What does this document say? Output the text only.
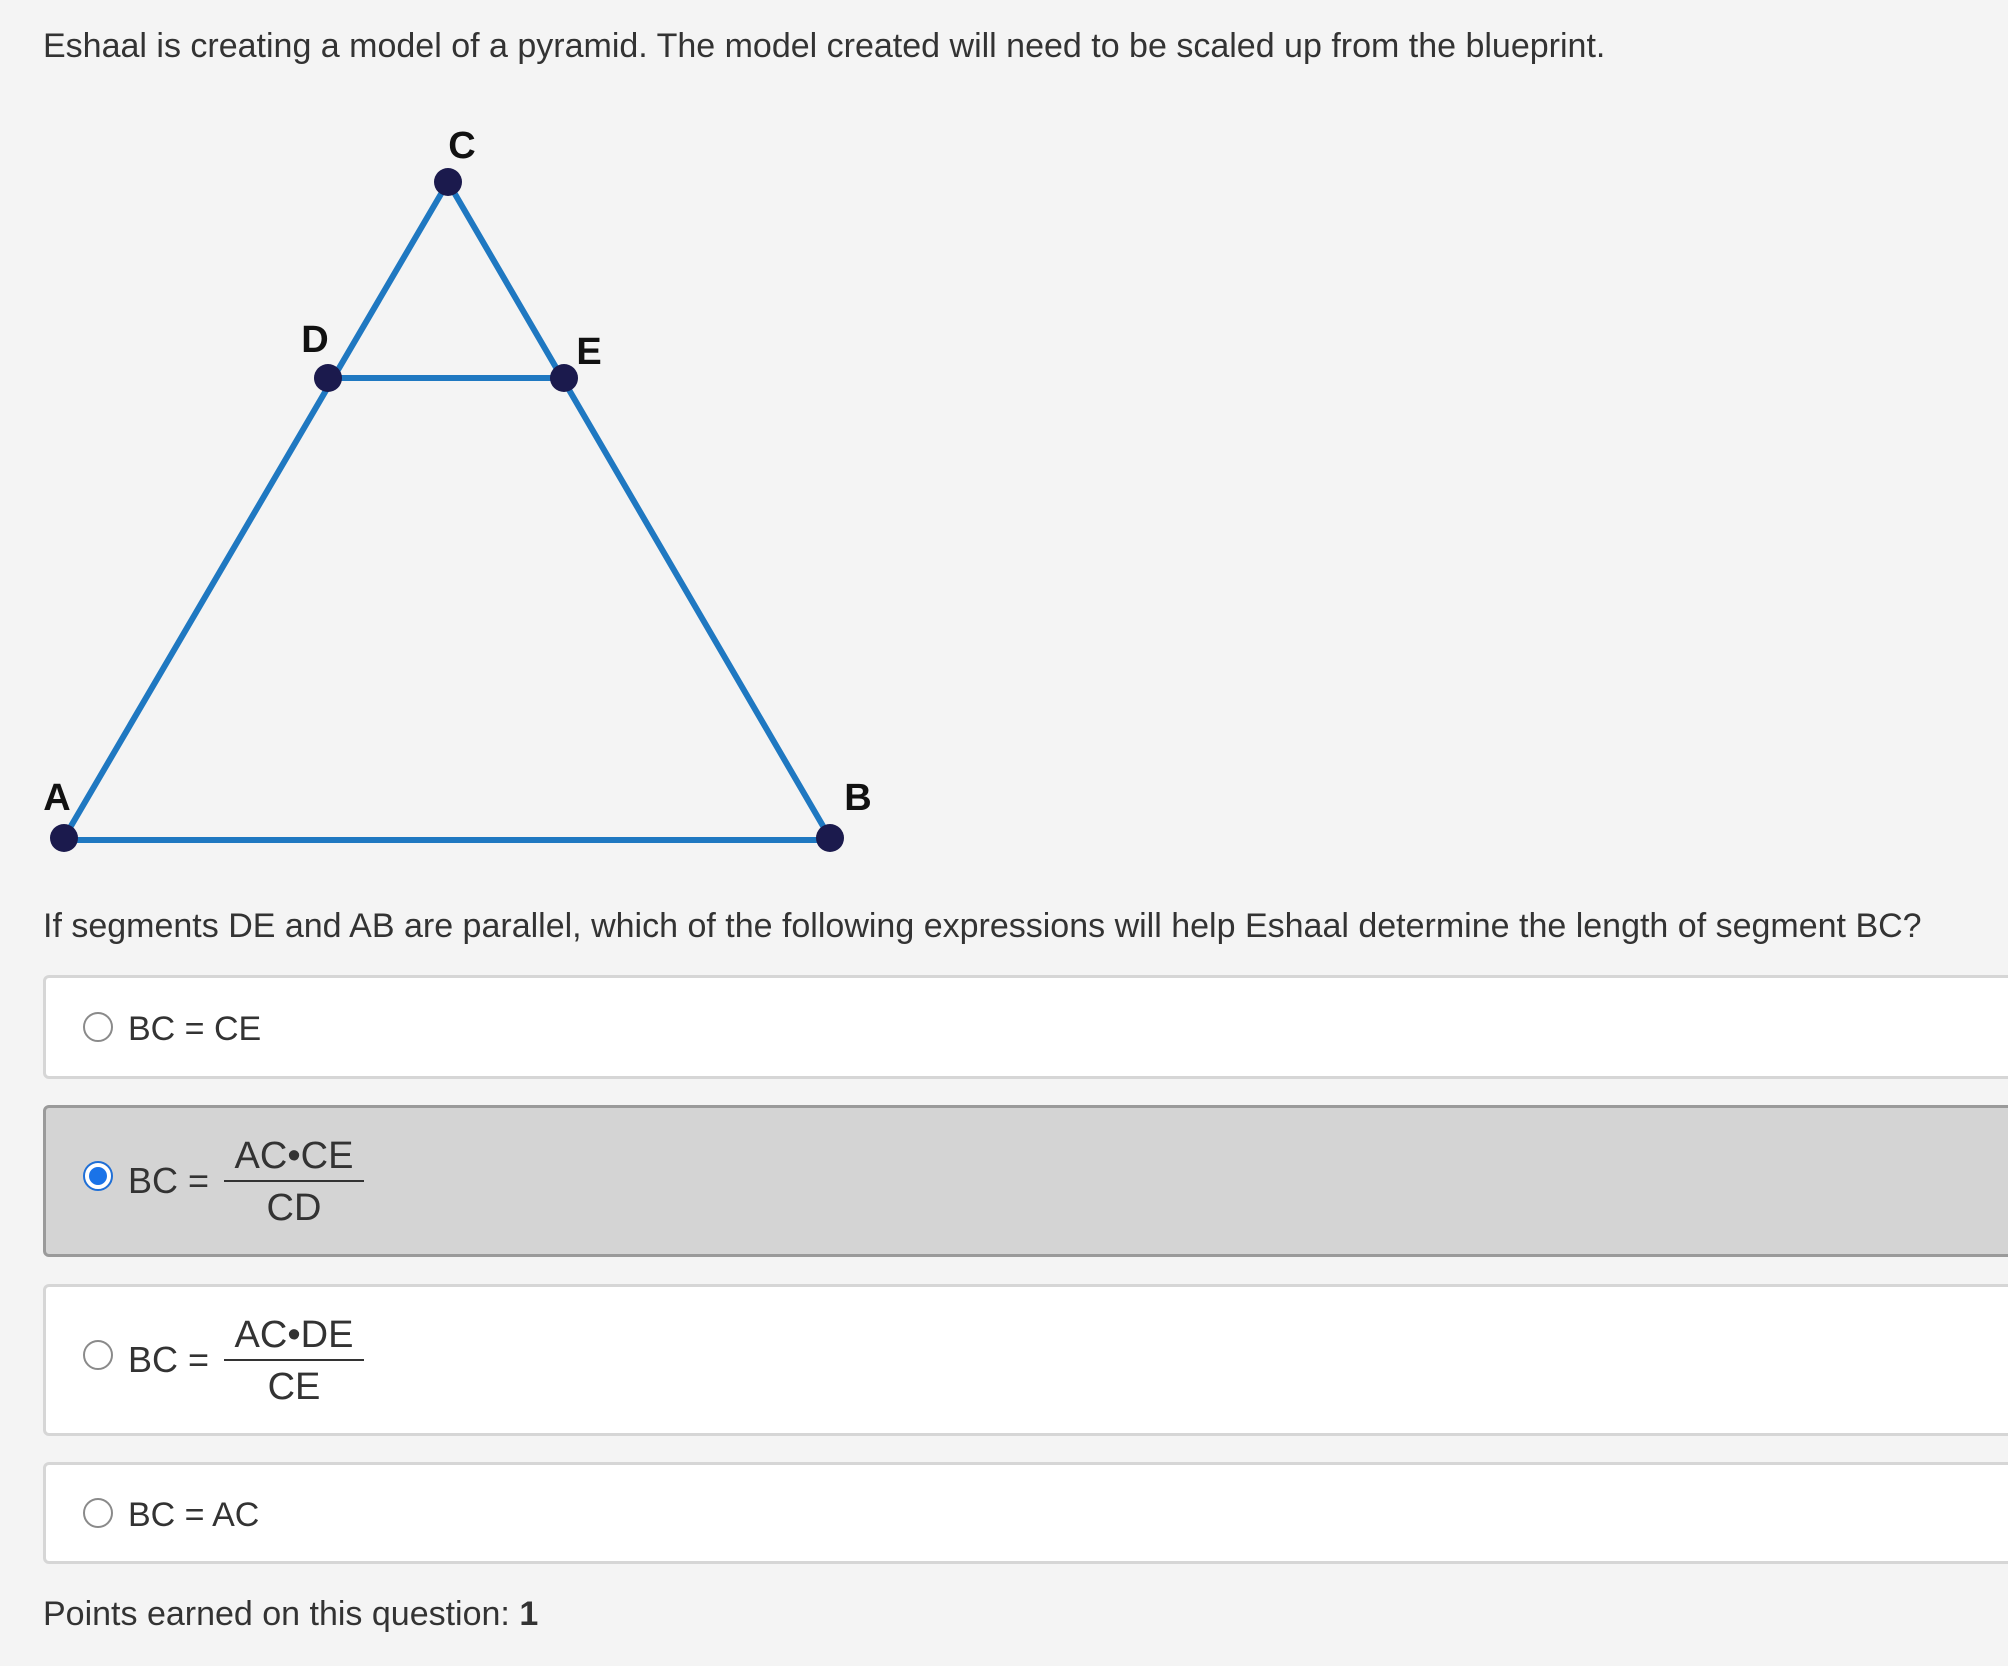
Eshaal is creating a model of a pyramid. The model created will need to be scaled up from the blueprint.
C
D	E
A	B
If segments DE and AB are parallel, which of the following expressions will help Eshaal determine the length of segment BC?
BC = CE
BC =
AC•CE
CD
BC =
AC•DE
CE
BC = AC
Points earned on this question: 1
